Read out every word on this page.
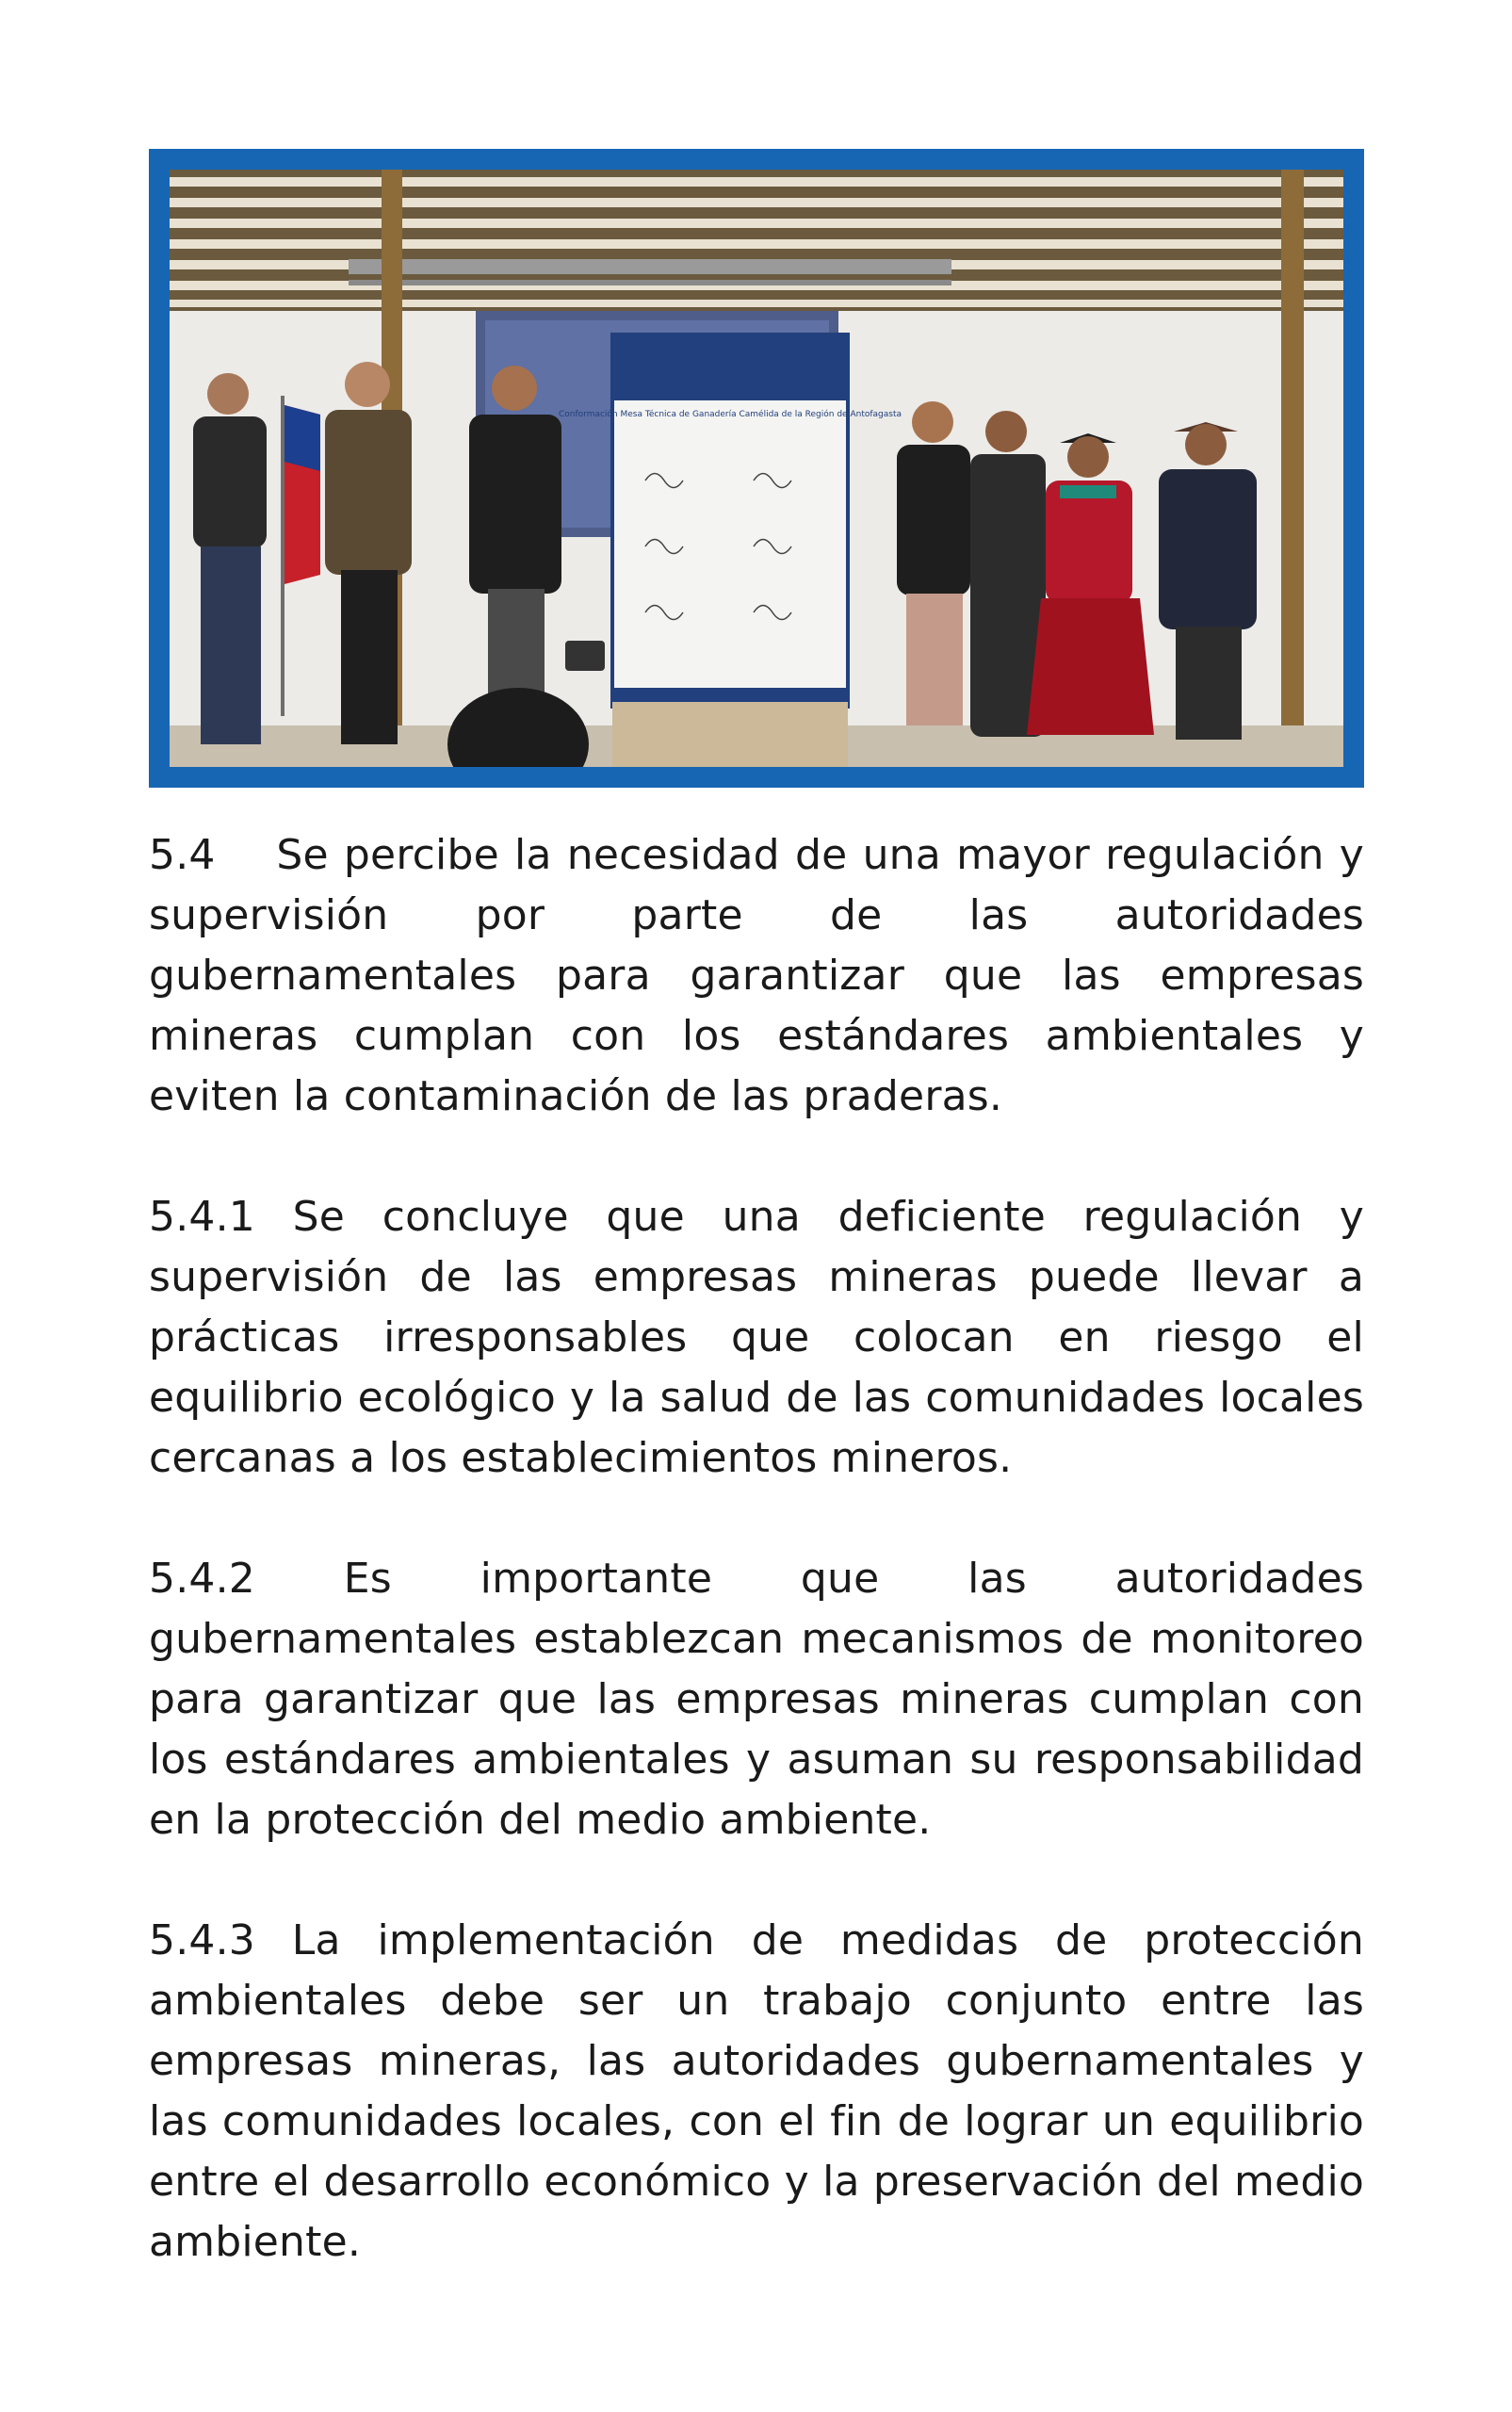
Conformación Mesa Técnica de Ganadería Camélida de la Región de Antofagasta

5.4 Se percibe la necesidad de una mayor regulación y supervisión por parte de las autoridades gubernamentales para garantizar que las empresas mineras cumplan con los estándares ambientales y eviten la contaminación de las praderas.

5.4.1 Se concluye que una deficiente regulación y supervisión de las empresas mineras puede llevar a prácticas irresponsables que colocan en riesgo el equilibrio ecológico y la salud de las comunidades locales cercanas a los establecimientos mineros.

5.4.2 Es importante que las autoridades gubernamentales establezcan mecanismos de monitoreo para garantizar que las empresas mineras cumplan con los estándares ambientales y asuman su responsabilidad en la protección del medio ambiente.

5.4.3 La implementación de medidas de protección ambientales debe ser un trabajo conjunto entre las empresas mineras, las autoridades gubernamentales y las comunidades locales, con el fin de lograr un equilibrio entre el desarrollo económico y la preservación del medio ambiente.
